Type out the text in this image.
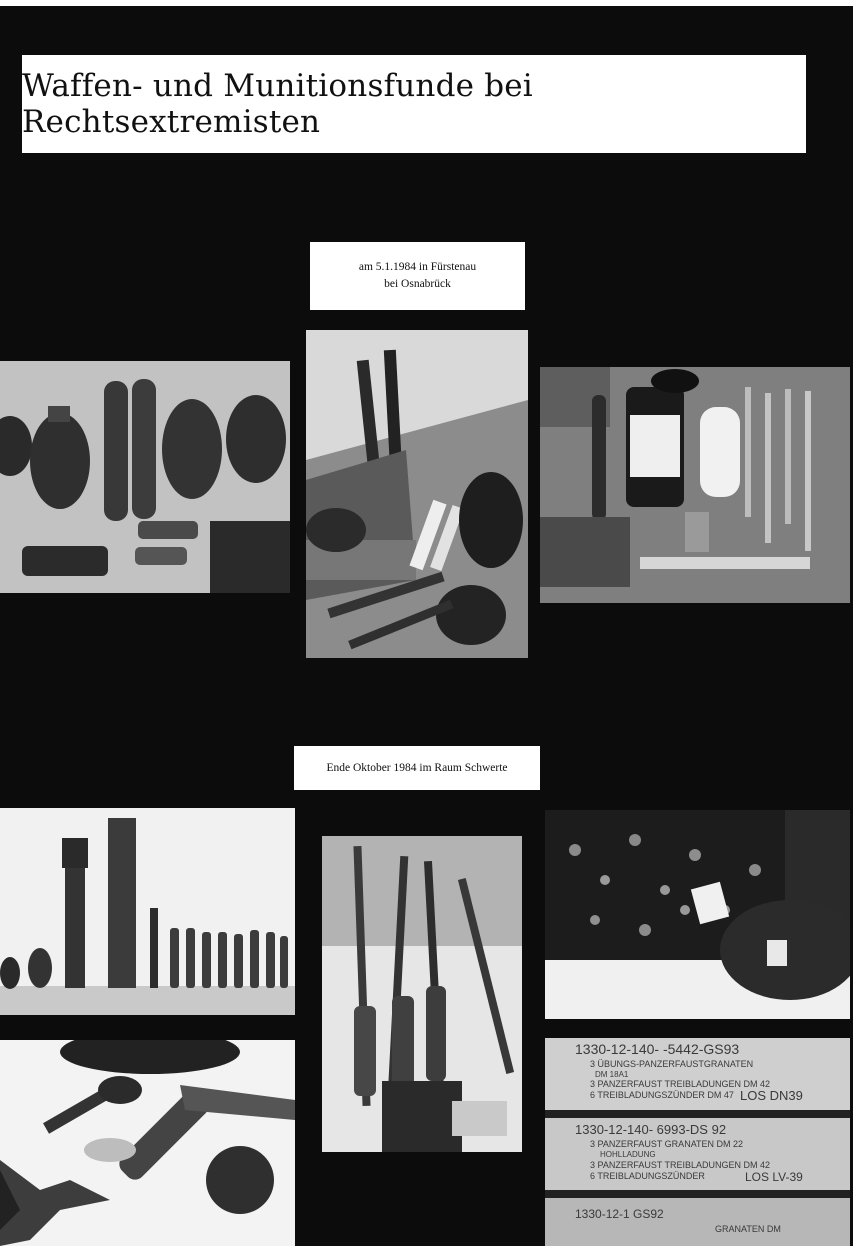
Waffen- und Munitionsfunde bei Rechtsextremisten
am 5.1.1984 in Fürstenau
bei Osnabrück
Ende Oktober 1984 im Raum Schwerte
1330-12-140- -5442-GS93
3 ÜBUNGS-PANZERFAUSTGRANATEN
DM 18A1
3 PANZERFAUST TREIBLADUNGEN DM 42
6 TREIBLADUNGSZÜNDER DM 47 LOS DN39
1330-12-140- 6993-DS 92
3 PANZERFAUST GRANATEN DM 22
HOHLLADUNG
3 PANZERFAUST TREIBLADUNGEN DM 42
6 TREIBLADUNGSZÜNDER	LOS LV-39
1330-12-1 GS92
GRANATEN DM
